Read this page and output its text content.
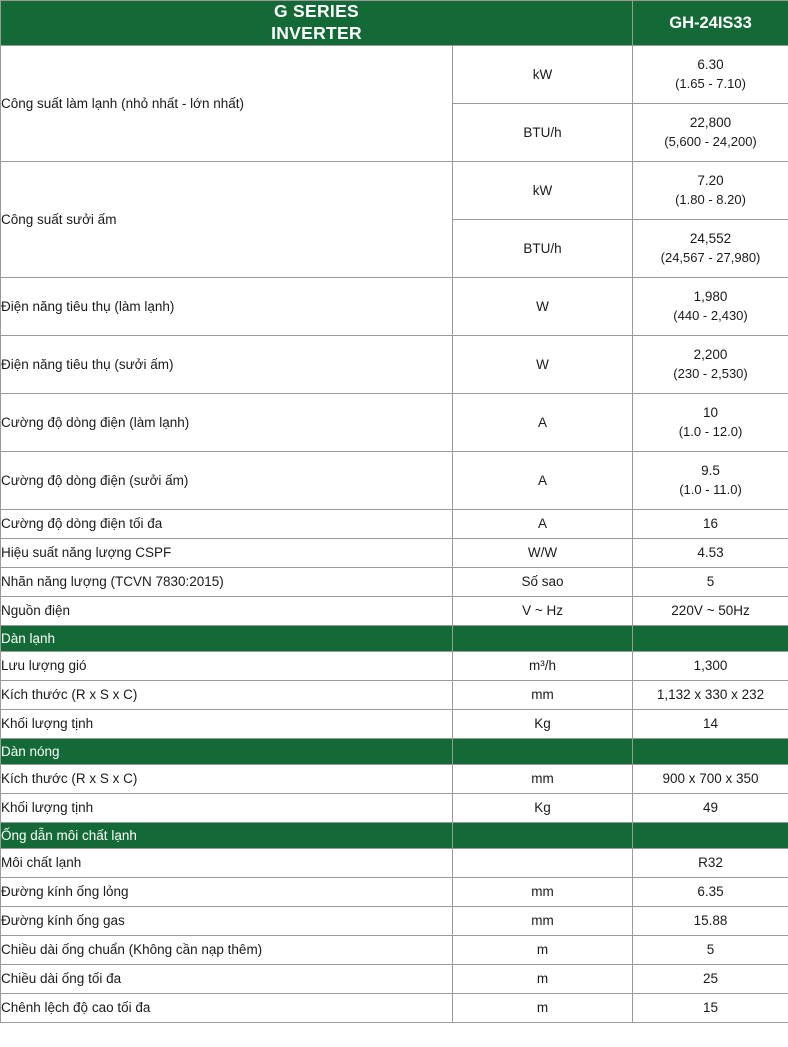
G SERIES
INVERTER		GH-24IS33
Công suất làm lạnh (nhỏ nhất - lớn nhất)	kW	6.30
(1.65 - 7.10)

	BTU/h	22,800
(5,600 - 24,200)

Công suất sưởi ấm	kW	7.20
(1.80 - 8.20)

	BTU/h	24,552
(24,567 - 27,980)

Điện năng tiêu thụ (làm lạnh)	W	1,980
(440 - 2,430)

Điện năng tiêu thụ (sưởi ấm)	W	2,200
(230 - 2,530)

Cường độ dòng điện (làm lạnh)	A	10
(1.0 - 12.0)

Cường độ dòng điện (sưởi ấm)	A	9.5
(1.0 - 11.0)

Cường độ dòng điện tối đa	A	16
Hiệu suất năng lượng CSPF	W/W	4.53
Nhãn năng lượng (TCVN 7830:2015)	Số sao	5
Nguồn điện	V ~ Hz	220V ~ 50Hz
Dàn lạnh		
Lưu lượng gió	m³/h	1,300
Kích thước (R x S x C)	mm	1,132 x 330 x 232
Khối lượng tịnh	Kg	14
Dàn nóng		
Kích thước (R x S x C)	mm	900 x 700 x 350
Khối lượng tịnh	Kg	49
Ống dẫn môi chất lạnh		
Môi chất lạnh		R32
Đường kính ống lỏng	mm	6.35
Đường kính ống gas	mm	15.88
Chiều dài ống chuẩn (Không cần nạp thêm)	m	5
Chiều dài ống tối đa	m	25
Chênh lệch độ cao tối đa	m	15
